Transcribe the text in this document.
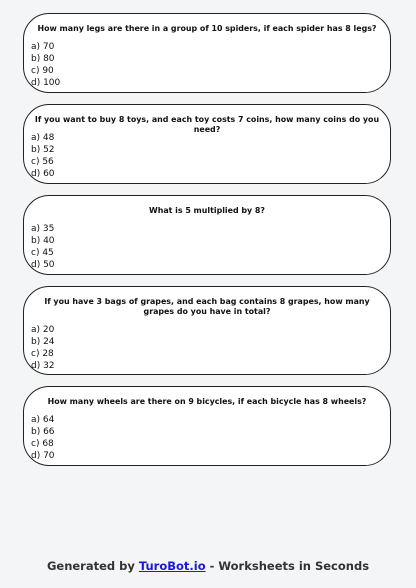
How many legs are there in a group of 10 spiders, if each spider has 8 legs?
a) 70
b) 80
c) 90
d) 100
If you want to buy 8 toys, and each toy costs 7 coins, how many coins do you need?
a) 48
b) 52
c) 56
d) 60
What is 5 multiplied by 8?
a) 35
b) 40
c) 45
d) 50
If you have 3 bags of grapes, and each bag contains 8 grapes, how many grapes do you have in total?
a) 20
b) 24
c) 28
d) 32
How many wheels are there on 9 bicycles, if each bicycle has 8 wheels?
a) 64
b) 66
c) 68
d) 70
Generated by TuroBot.io - Worksheets in Seconds
